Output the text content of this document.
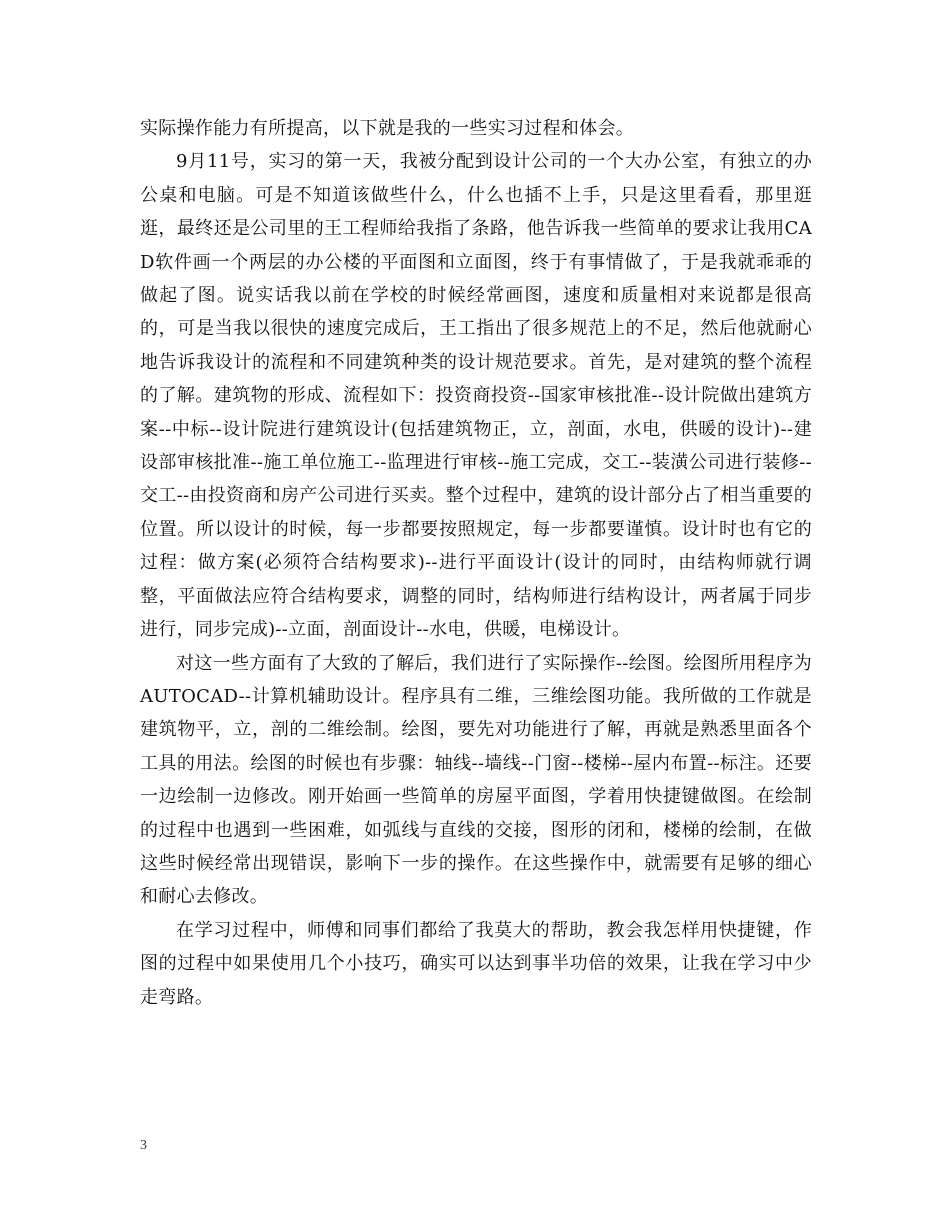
实际操作能力有所提高，以下就是我的一些实习过程和体会。

9月11号，实习的第一天，我被分配到设计公司的一个大办公室，有独立的办公桌和电脑。可是不知道该做些什么，什么也插不上手，只是这里看看，那里逛逛，最终还是公司里的王工程师给我指了条路，他告诉我一些简单的要求让我用CAD软件画一个两层的办公楼的平面图和立面图，终于有事情做了，于是我就乖乖的做起了图。说实话我以前在学校的时候经常画图，速度和质量相对来说都是很高的，可是当我以很快的速度完成后，王工指出了很多规范上的不足，然后他就耐心地告诉我设计的流程和不同建筑种类的设计规范要求。首先，是对建筑的整个流程的了解。建筑物的形成、流程如下：投资商投资--国家审核批准--设计院做出建筑方案--中标--设计院进行建筑设计(包括建筑物正，立，剖面，水电，供暖的设计)--建设部审核批准--施工单位施工--监理进行审核--施工完成，交工--装潢公司进行装修--交工--由投资商和房产公司进行买卖。整个过程中，建筑的设计部分占了相当重要的位置。所以设计的时候，每一步都要按照规定，每一步都要谨慎。设计时也有它的过程：做方案(必须符合结构要求)--进行平面设计(设计的同时，由结构师就行调整，平面做法应符合结构要求，调整的同时，结构师进行结构设计，两者属于同步进行，同步完成)--立面，剖面设计--水电，供暖，电梯设计。

对这一些方面有了大致的了解后，我们进行了实际操作--绘图。绘图所用程序为AUTOCAD--计算机辅助设计。程序具有二维，三维绘图功能。我所做的工作就是建筑物平，立，剖的二维绘制。绘图，要先对功能进行了解，再就是熟悉里面各个工具的用法。绘图的时候也有步骤：轴线--墙线--门窗--楼梯--屋内布置--标注。还要一边绘制一边修改。刚开始画一些简单的房屋平面图，学着用快捷键做图。在绘制的过程中也遇到一些困难，如弧线与直线的交接，图形的闭和，楼梯的绘制，在做这些时候经常出现错误，影响下一步的操作。在这些操作中，就需要有足够的细心和耐心去修改。

在学习过程中，师傅和同事们都给了我莫大的帮助，教会我怎样用快捷键，作图的过程中如果使用几个小技巧，确实可以达到事半功倍的效果，让我在学习中少走弯路。

3
